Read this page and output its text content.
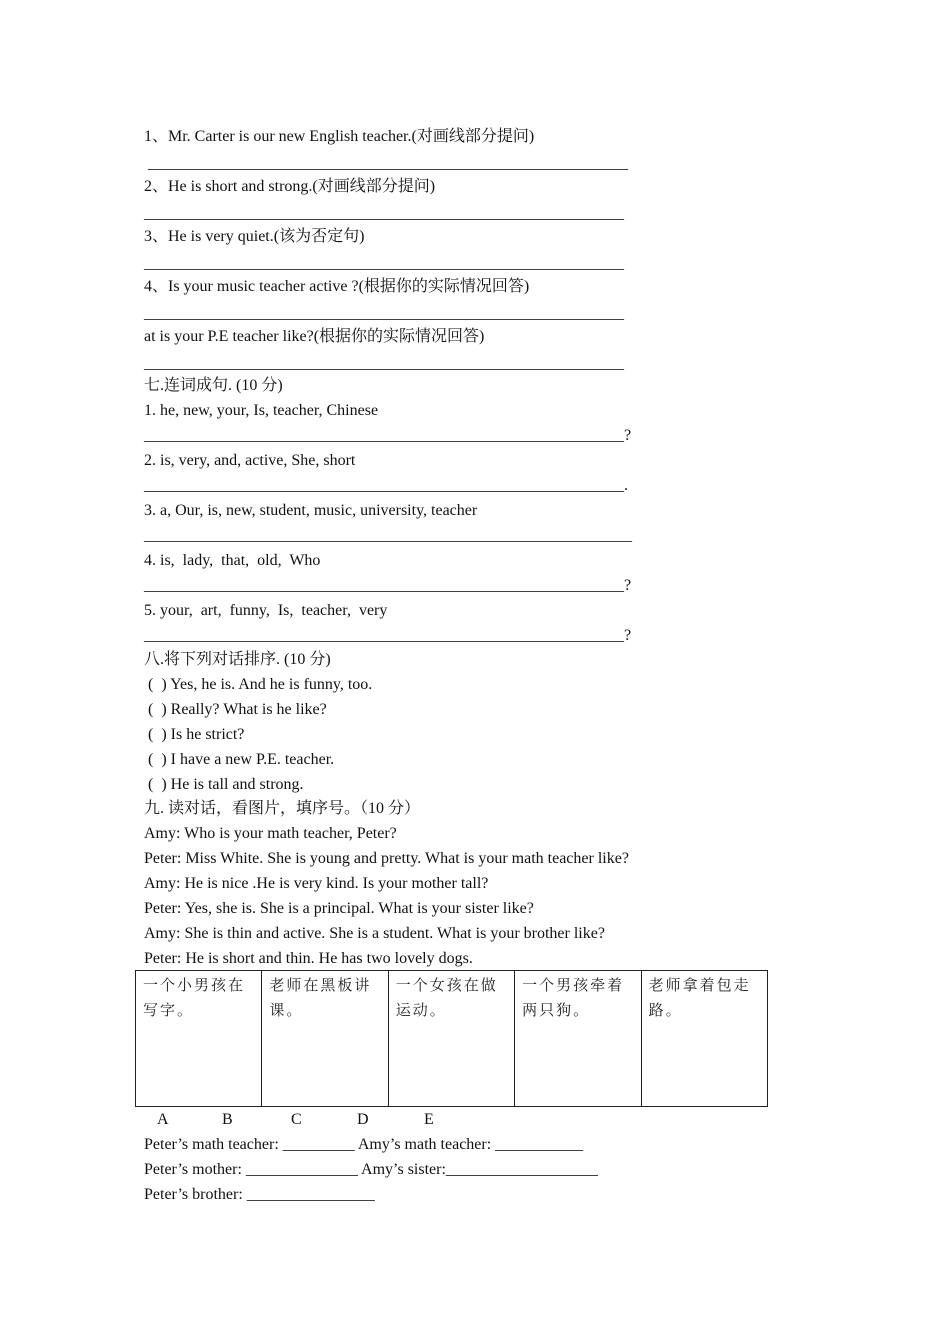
1、Mr. Carter is our new English teacher.(对画线部分提问)
____________________________________________________________
2、He is short and strong.(对画线部分提问)
____________________________________________________________
3、He is very quiet.(该为否定句)
____________________________________________________________
4、Is your music teacher active ?(根据你的实际情况回答)
____________________________________________________________
at is your P.E teacher like?(根据你的实际情况回答)
____________________________________________________________
七.连词成句. (10 分)
1. he, new, your, Is, teacher, Chinese
____________________________________________________________?
2. is, very, and, active, She, short
____________________________________________________________.
3. a, Our, is, new, student, music, university, teacher
_____________________________________________________________
4. is,  lady,  that,  old,  Who
____________________________________________________________?
5. your,  art,  funny,  Is,  teacher,  very
____________________________________________________________?
八.将下列对话排序. (10 分)
(  ) Yes, he is. And he is funny, too.
(  ) Really? What is he like?
(  ) Is he strict?
(  ) I have a new P.E. teacher.
(  ) He is tall and strong.
九. 读对话，看图片，填序号。（10 分）
Amy: Who is your math teacher, Peter?
Peter: Miss White. She is young and pretty. What is your math teacher like?
Amy: He is nice .He is very kind. Is your mother tall?
Peter: Yes, she is. She is a principal. What is your sister like?
Amy: She is thin and active. She is a student. What is your brother like?
Peter: He is short and thin. He has two lovely dogs.
一个小男孩在写字。	老师在黑板讲课。	一个女孩在做运动。	一个男孩牵着两只狗。	老师拿着包走路。
A	B	C	D	E
Peter’s math teacher: _________ Amy’s math teacher: ___________
Peter’s mother: ______________ Amy’s sister:___________________
Peter’s brother: ________________
